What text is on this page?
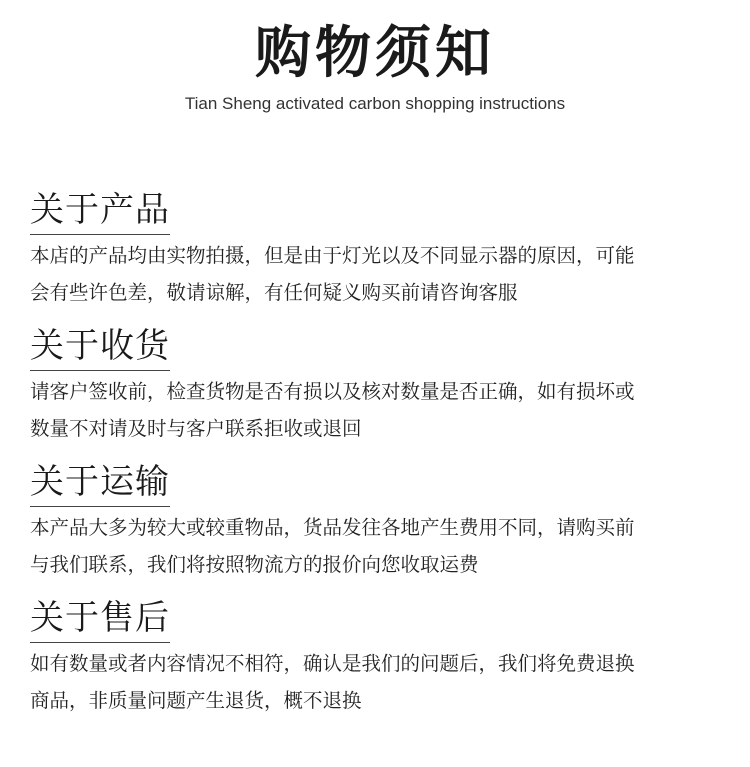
购物须知
Tian Sheng activated carbon shopping instructions
关于产品
本店的产品均由实物拍摄，但是由于灯光以及不同显示器的原因，可能
会有些许色差，敬请谅解，有任何疑义购买前请咨询客服
关于收货
请客户签收前，检查货物是否有损以及核对数量是否正确，如有损坏或
数量不对请及时与客户联系拒收或退回
关于运输
本产品大多为较大或较重物品，货品发往各地产生费用不同，请购买前
与我们联系，我们将按照物流方的报价向您收取运费
关于售后
如有数量或者内容情况不相符，确认是我们的问题后，我们将免费退换
商品，非质量问题产生退货，概不退换
